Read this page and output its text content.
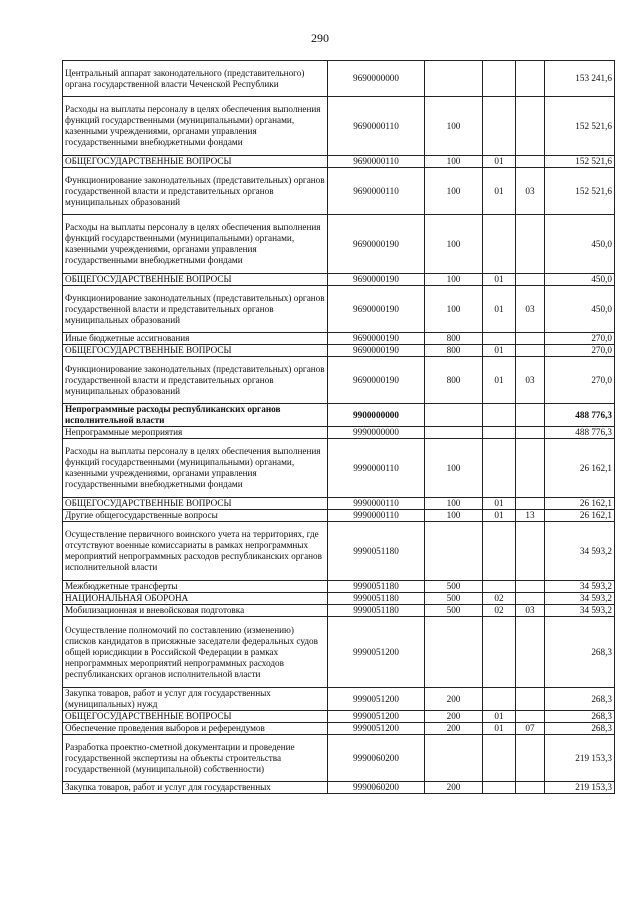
290
Центральный аппарат законодательного (представительного) органа государственной власти Чеченской Республики	9690000000				153 241,6
Расходы на выплаты персоналу в целях обеспечения выполнения функций государственными (муниципальными) органами, казенными учреждениями, органами управления государственными внебюджетными фондами	9690000110	100			152 521,6
ОБЩЕГОСУДАРСТВЕННЫЕ ВОПРОСЫ	9690000110	100	01		152 521,6
Функционирование законодательных (представительных) органов государственной власти и представительных органов муниципальных образований	9690000110	100	01	03	152 521,6
Расходы на выплаты персоналу в целях обеспечения выполнения функций государственными (муниципальными) органами, казенными учреждениями, органами управления государственными внебюджетными фондами	9690000190	100			450,0
ОБЩЕГОСУДАРСТВЕННЫЕ ВОПРОСЫ	9690000190	100	01		450,0
Функционирование законодательных (представительных) органов государственной власти и представительных органов муниципальных образований	9690000190	100	01	03	450,0
Иные бюджетные ассигнования	9690000190	800			270,0
ОБЩЕГОСУДАРСТВЕННЫЕ ВОПРОСЫ	9690000190	800	01		270,0
Функционирование законодательных (представительных) органов государственной власти и представительных органов муниципальных образований	9690000190	800	01	03	270,0
Непрограммные расходы республиканских органов исполнительной власти	9900000000				488 776,3
Непрограммные мероприятия	9990000000				488 776,3
Расходы на выплаты персоналу в целях обеспечения выполнения функций государственными (муниципальными) органами, казенными учреждениями, органами управления государственными внебюджетными фондами	9990000110	100			26 162,1
ОБЩЕГОСУДАРСТВЕННЫЕ ВОПРОСЫ	9990000110	100	01		26 162,1
Другие общегосударственные вопросы	9990000110	100	01	13	26 162,1
Осуществление первичного воинского учета на территориях, где отсутствуют военные комиссариаты в рамках непрограммных мероприятий непрограммных расходов республиканских органов исполнительной власти	9990051180				34 593,2
Межбюджетные трансферты	9990051180	500			34 593,2
НАЦИОНАЛЬНАЯ ОБОРОНА	9990051180	500	02		34 593,2
Мобилизационная и вневойсковая подготовка	9990051180	500	02	03	34 593,2
Осуществление полномочий по составлению (изменению) списков кандидатов в присяжные заседатели федеральных судов общей юрисдикции в Российской Федерации в рамках непрограммных мероприятий непрограммных расходов республиканских органов исполнительной власти	9990051200				268,3
Закупка товаров, работ и услуг для государственных (муниципальных) нужд	9990051200	200			268,3
ОБЩЕГОСУДАРСТВЕННЫЕ ВОПРОСЫ	9990051200	200	01		268,3
Обеспечение проведения выборов и референдумов	9990051200	200	01	07	268,3
Разработка проектно-сметной документации и проведение государственной экспертизы на объекты строительства государственной (муниципальной) собственности)	9990060200				219 153,3
Закупка товаров, работ и услуг для государственных	9990060200	200			219 153,3
